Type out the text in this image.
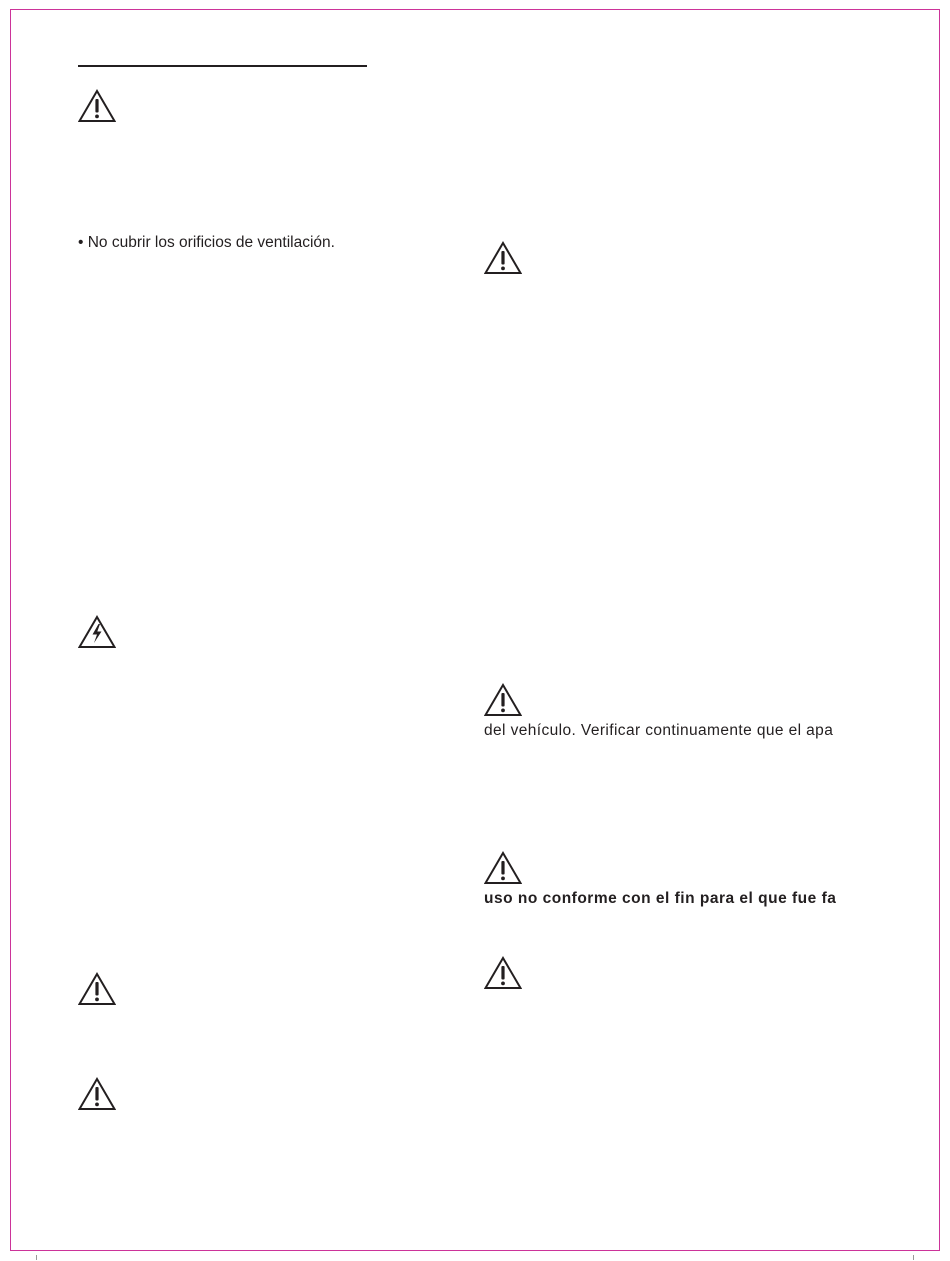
• No cubrir los orificios de ventilación.
del vehículo. Verificar continuamente que el apa
uso no conforme con el fin para el que fue fa
